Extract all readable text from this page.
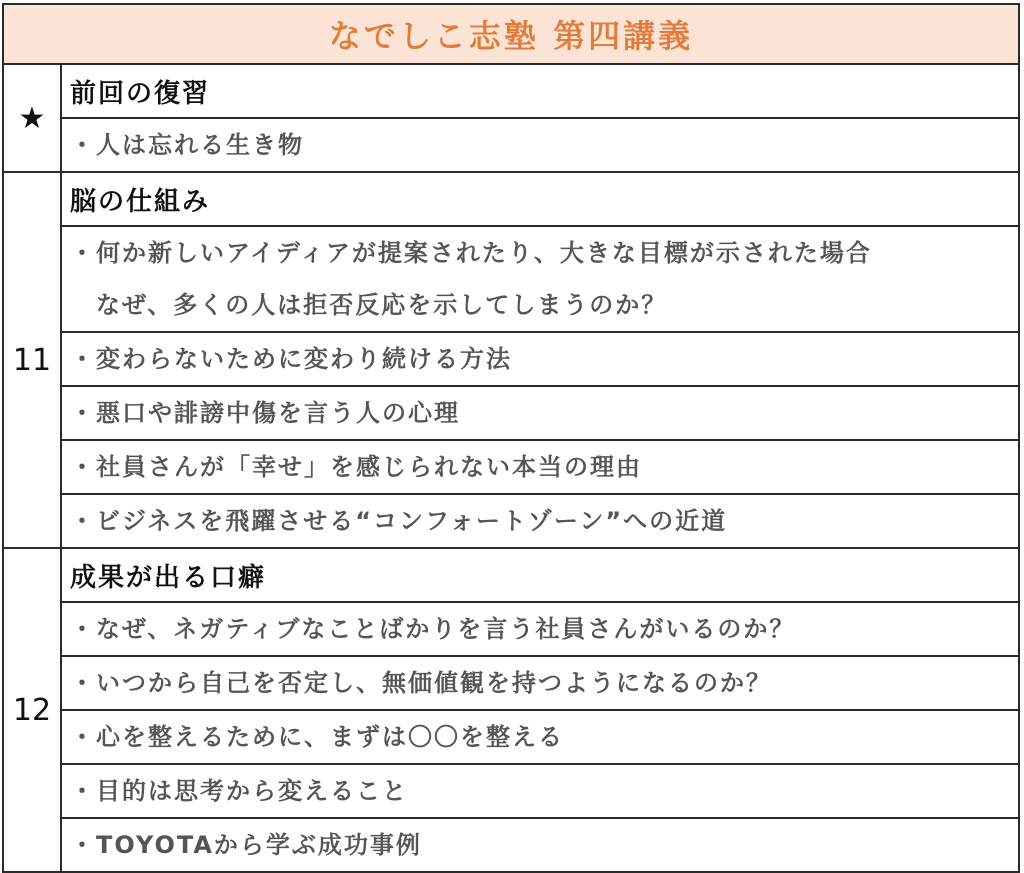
なでしこ志塾 第四講義	
★	前回の復習
	・人は忘れる生き物
11	脳の仕組み
	・何か新しいアイディアが提案されたり、大きな目標が示された場合
なぜ、多くの人は拒否反応を示してしまうのか？

	・変わらないために変わり続ける方法
	・悪口や誹謗中傷を言う人の心理
	・社員さんが「幸せ」を感じられない本当の理由
	・ビジネスを飛躍させる“コンフォートゾーン”への近道
12	成果が出る口癖
	・なぜ、ネガティブなことばかりを言う社員さんがいるのか？
	・いつから自己を否定し、無価値観を持つようになるのか？
	・心を整えるために、まずは〇〇を整える
	・目的は思考から変えること
	・TOYOTAから学ぶ成功事例
